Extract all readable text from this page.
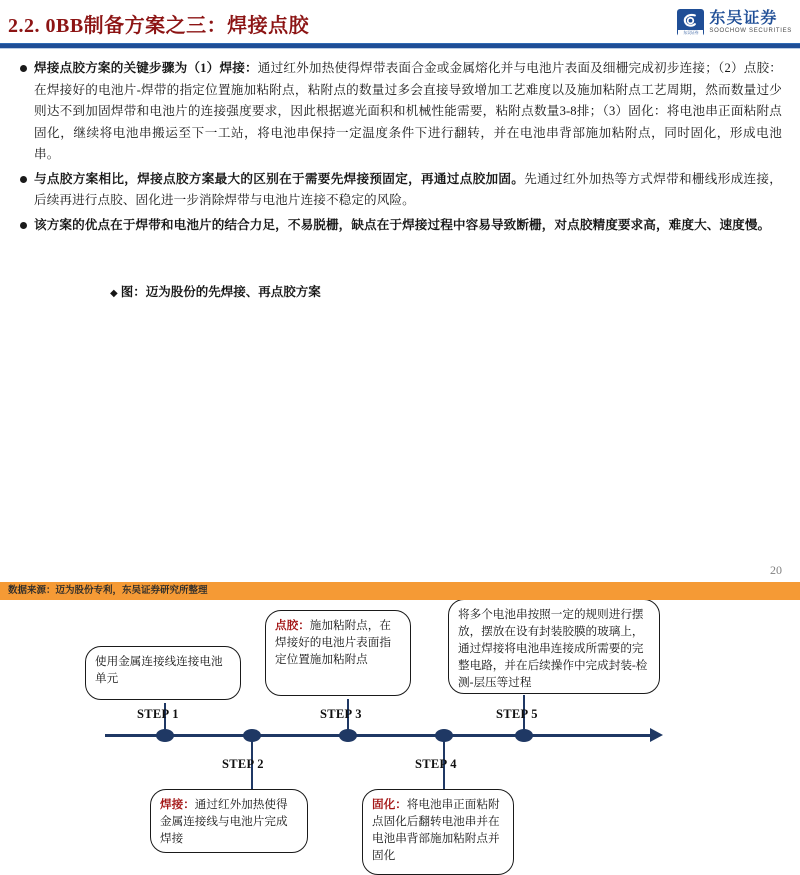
2.2. 0BB制备方案之三：焊接点胶	东吴证券
东吴证券
SOOCHOW SECURITIES
焊接点胶方案的关键步骤为（1）焊接：通过红外加热使得焊带表面合金或金属熔化并与电池片表面及细栅完成初步连接；（2）点胶：在焊接好的电池片-焊带的指定位置施加粘附点，粘附点的数量过多会直接导致增加工艺难度以及施加粘附点工艺周期，然而数量过少则达不到加固焊带和电池片的连接强度要求，因此根据遮光面积和机械性能需要，粘附点数量3-8排；（3）固化：将电池串正面粘附点固化，继续将电池串搬运至下一工站，将电池串保持一定温度条件下进行翻转，并在电池串背部施加粘附点，同时固化，形成电池串。
与点胶方案相比，焊接点胶方案最大的区别在于需要先焊接预固定，再通过点胶加固。先通过红外加热等方式焊带和栅线形成连接，后续再进行点胶、固化进一步消除焊带与电池片连接不稳定的风险。
该方案的优点在于焊带和电池片的结合力足，不易脱栅，缺点在于焊接过程中容易导致断栅，对点胶精度要求高，难度大、速度慢。
◆ 图：迈为股份的先焊接、再点胶方案
STEP 1
使用金属连接线连接电池单元
STEP 2
焊接：通过红外加热使得金属连接线与电池片完成焊接
STEP 3
点胶：施加粘附点，在焊接好的电池片表面指定位置施加粘附点
STEP 4
固化：将电池串正面粘附点固化后翻转电池串并在电池串背部施加粘附点并固化
STEP 5
将多个电池串按照一定的规则进行摆放，摆放在设有封装胶膜的玻璃上，通过焊接将电池串连接成所需要的完整电路，并在后续操作中完成封装-检测-层压等过程
20
数据来源：迈为股份专利，东吴证券研究所整理
